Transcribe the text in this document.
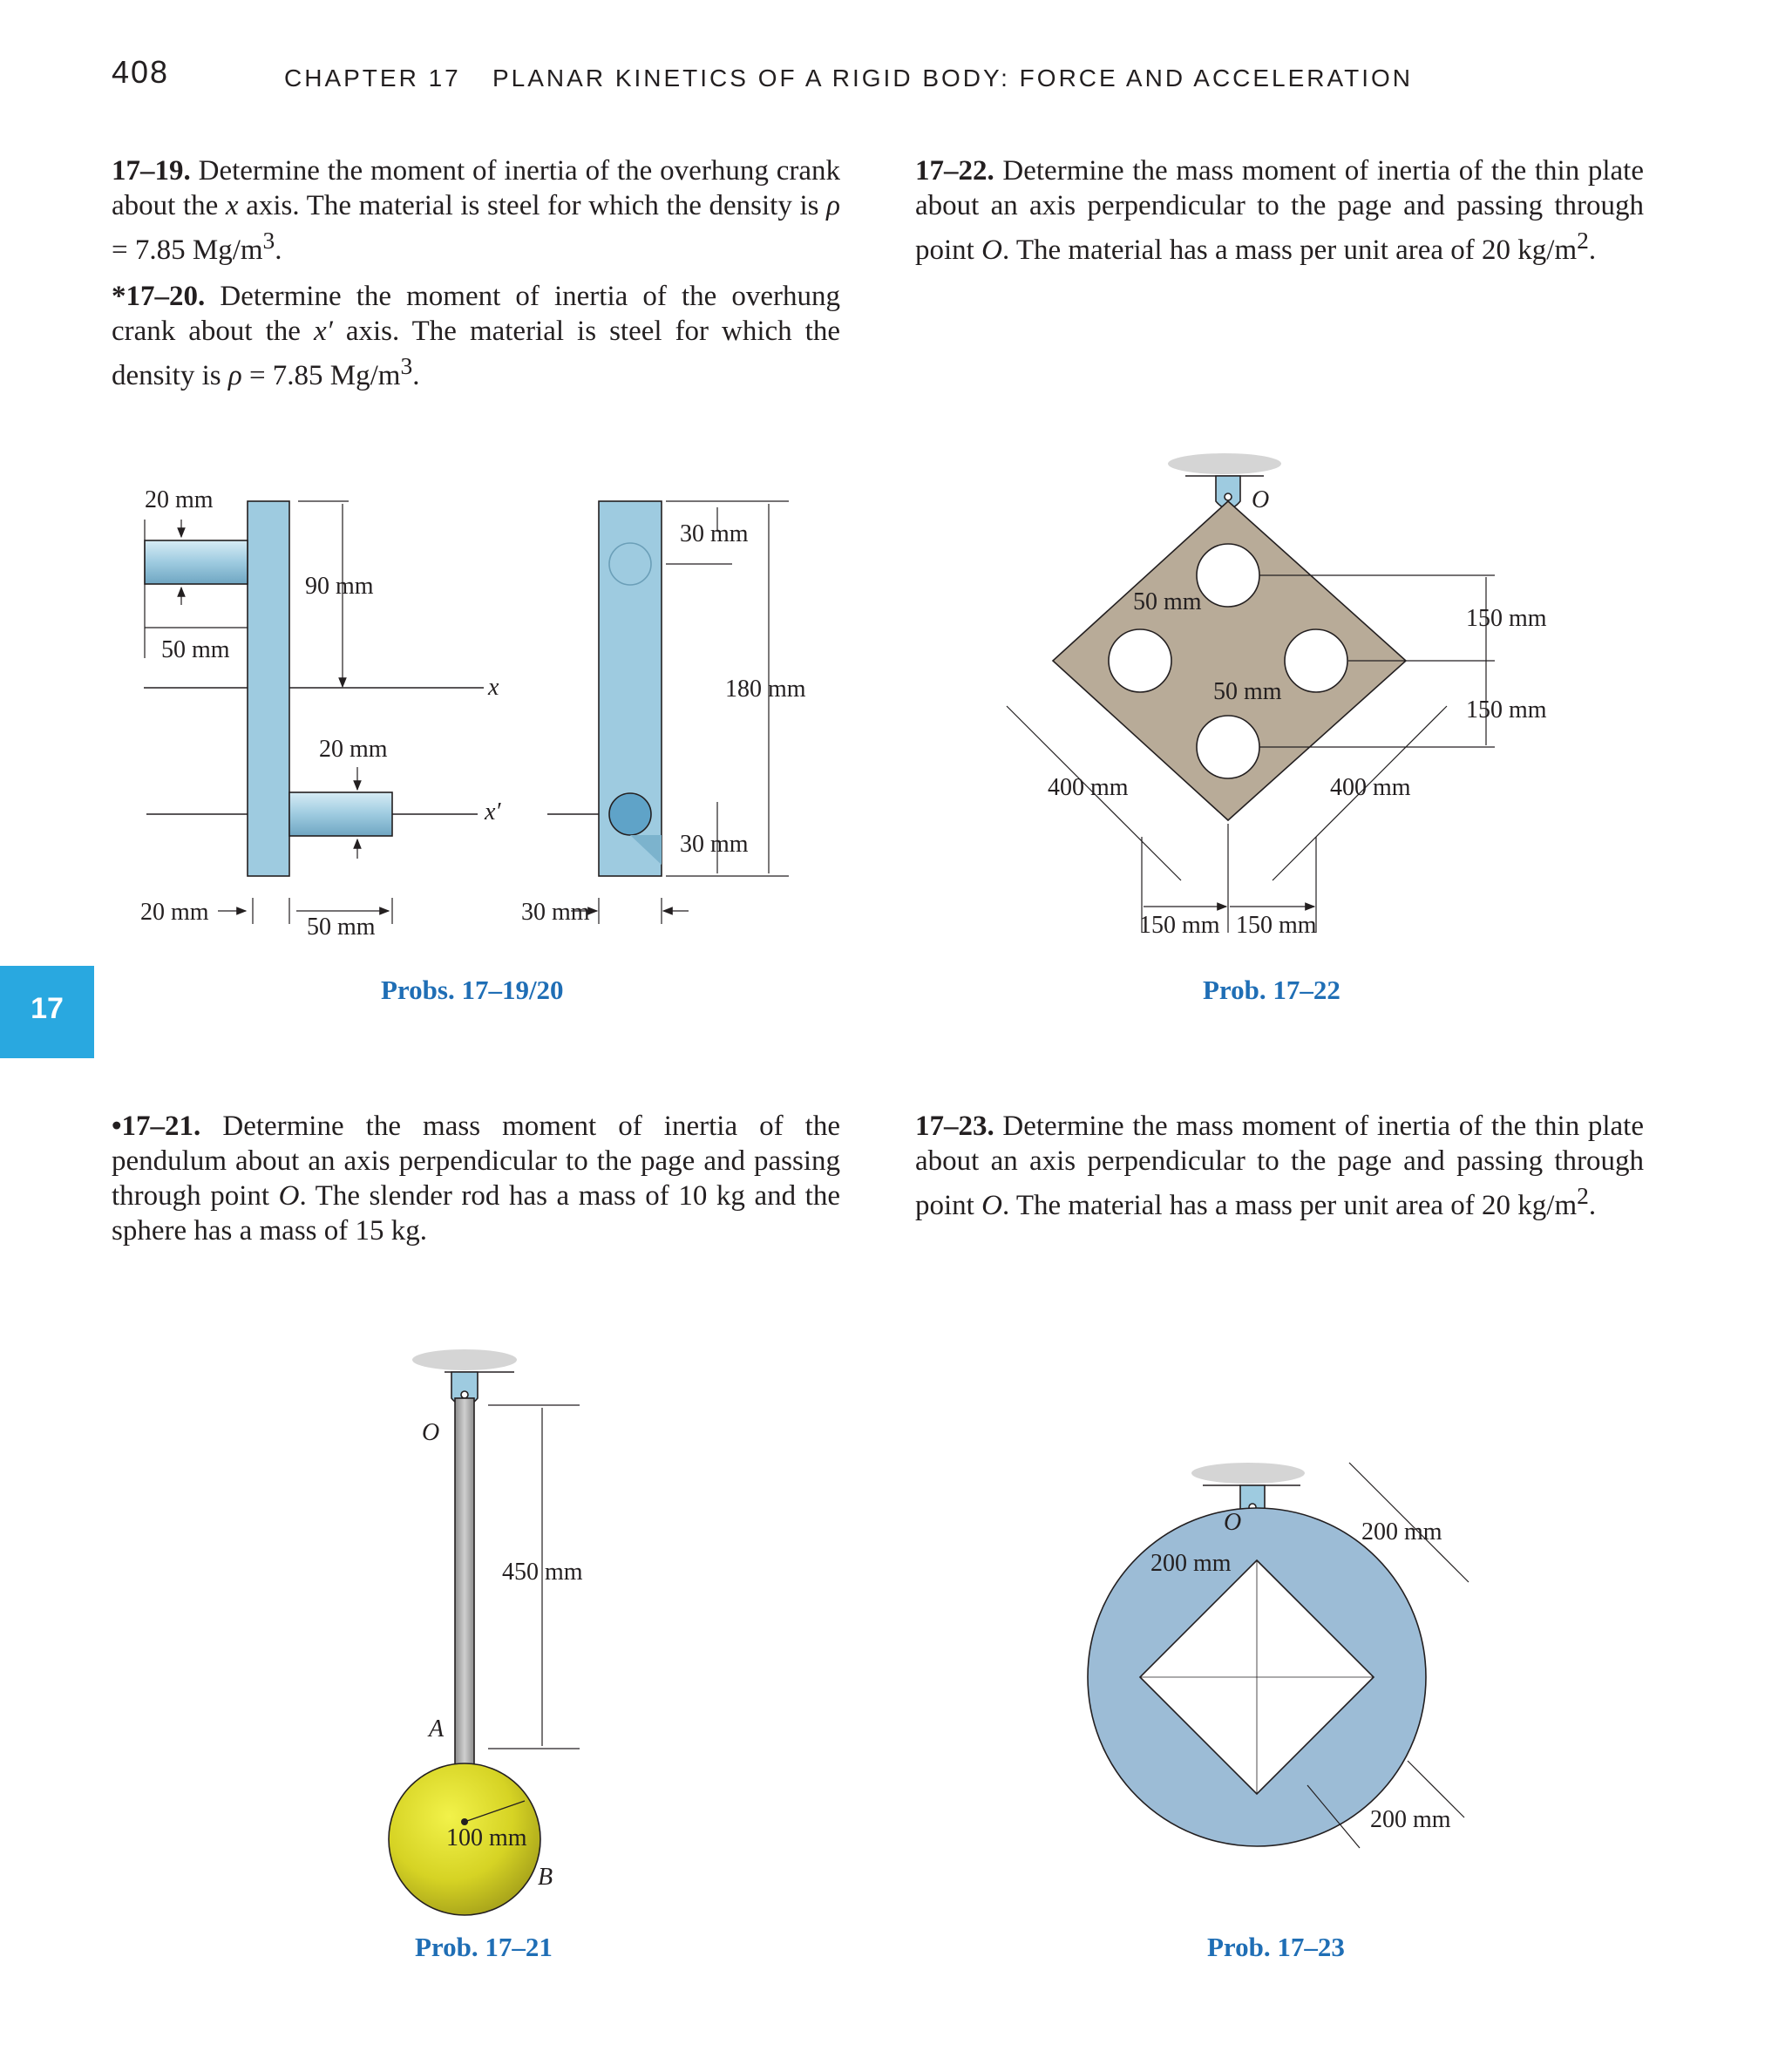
408	CHAPTER 17 PLANAR KINETICS OF A RIGID BODY: FORCE AND ACCELERATION
17
17–19. Determine the moment of inertia of the overhung crank about the x axis. The material is steel for which the density is ρ = 7.85 $Mg/m^3$.
*17–20. Determine the moment of inertia of the overhung crank about the x′ axis. The material is steel for which the density is ρ = 7.85 $Mg/m^3$.
17–22. Determine the mass moment of inertia of the thin plate about an axis perpendicular to the page and passing through point O. The material has a mass per unit area of 20 $kg/m^2$.
•17–21. Determine the mass moment of inertia of the pendulum about an axis perpendicular to the page and passing through point O. The slender rod has a mass of 10 kg and the sphere has a mass of 15 kg.
17–23. Determine the mass moment of inertia of the thin plate about an axis perpendicular to the page and passing through point O. The material has a mass per unit area of 20 $kg/m^2$.
Probs. 17–19/20	Prob. 17–22
Prob. 17–21	Prob. 17–23
20 mm
90 mm
50 mm
x
20 mm
x′
20 mm
50 mm
30 mm
30 mm
180 mm
30 mm
O
50 mm
50 mm
150 mm
150 mm
400 mm	400 mm
150 mm 150 mm
O
450 mm
A
100 mm
B
O	200 mm
200 mm
200 mm
